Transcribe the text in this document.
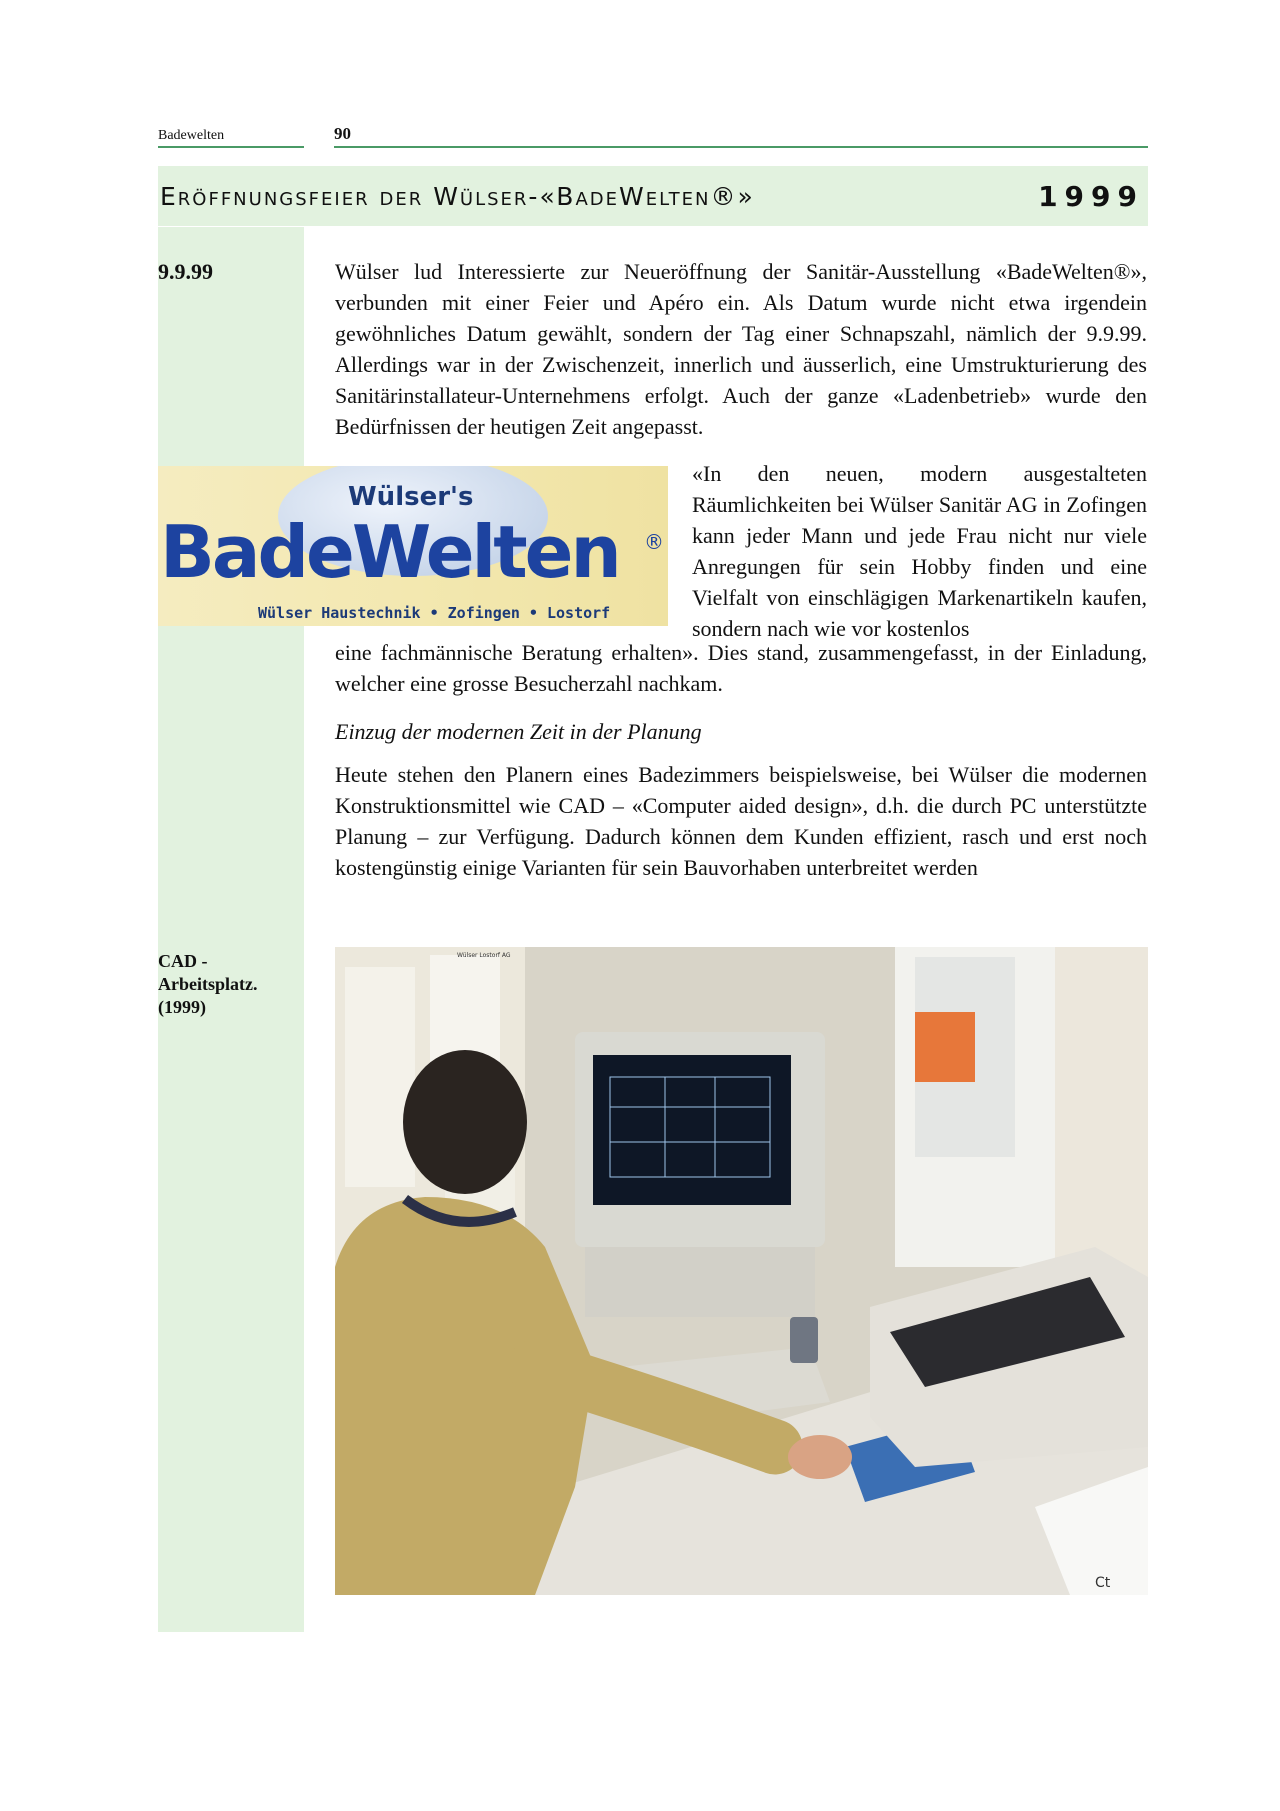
Badewelten	90
Eröffnungsfeier der Wülser-«BadeWelten®»	1999
9.9.99
CAD -
Arbeitsplatz.
(1999)

Wülser lud Interessierte zur Neueröffnung der Sanitär-Ausstellung «BadeWelten®», verbunden mit einer Feier und Apéro ein. Als Datum wurde nicht etwa irgendein gewöhnliches Datum gewählt, sondern der Tag einer Schnapszahl, nämlich der 9.9.99. Allerdings war in der Zwischenzeit, innerlich und äusserlich, eine Umstrukturierung des Sanitärinstallateur-Unternehmens erfolgt. Auch der ganze «Ladenbetrieb» wurde den Bedürfnissen der heutigen Zeit angepasst.

Wülser's
BadeWelten ®
Wülser Haustechnik • Zofingen • Lostorf

«In den neuen, modern ausgestalteten Räumlichkeiten bei Wülser Sanitär AG in Zofingen kann jeder Mann und jede Frau nicht nur viele Anregungen für sein Hobby finden und eine Vielfalt von einschlägigen Markenartikeln kaufen, sondern nach wie vor kostenlos

eine fachmännische Beratung erhalten». Dies stand, zusammengefasst, in der Einladung, welcher eine grosse Besucherzahl nachkam.

Einzug der modernen Zeit in der Planung

Heute stehen den Planern eines Badezimmers beispielsweise, bei Wülser die modernen Konstruktionsmittel wie CAD – «Computer aided design», d.h. die durch PC unterstützte Planung – zur Verfügung. Dadurch können dem Kunden effizient, rasch und erst noch kostengünstig einige Varianten für sein Bauvorhaben unterbreitet werden

Wülser Lostorf AG
Ct
